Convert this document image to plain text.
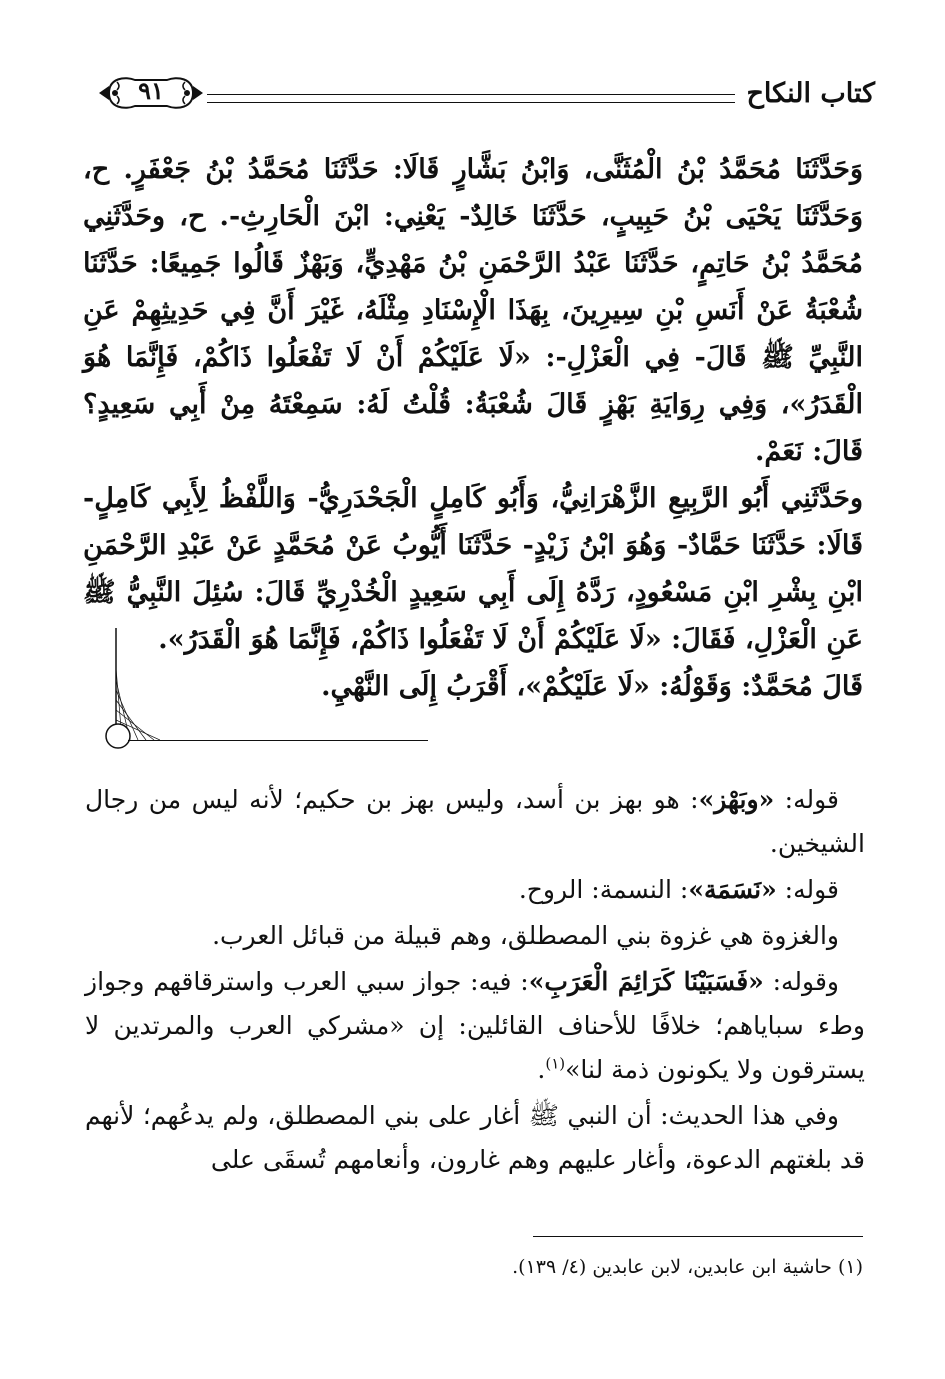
كتاب النكاح
٩١

وَحَدَّثَنَا مُحَمَّدُ بْنُ الْمُثَنَّى، وَابْنُ بَشَّارٍ قَالَا: حَدَّثَنَا مُحَمَّدُ بْنُ جَعْفَرٍ. ح، وَحَدَّثَنَا يَحْيَى بْنُ حَبِيبٍ، حَدَّثَنَا خَالِدٌ- يَعْنِي: ابْنَ الْحَارِثِ-. ح، وحَدَّثَنِي مُحَمَّدُ بْنُ حَاتِمٍ، حَدَّثَنَا عَبْدُ الرَّحْمَنِ بْنُ مَهْدِيٍّ، وَبَهْزٌ قَالُوا جَمِيعًا: حَدَّثَنَا شُعْبَةُ عَنْ أَنَسِ بْنِ سِيرِينَ، بِهَذَا الْإِسْنَادِ مِثْلَهُ، غَيْرَ أَنَّ فِي حَدِيثِهِمْ عَنِ النَّبِيِّ ﷺ قَالَ- فِي الْعَزْلِ-: «لَا عَلَيْكُمْ أَنْ لَا تَفْعَلُوا ذَاكُمْ، فَإِنَّمَا هُوَ الْقَدَرُ»، وَفِي رِوَايَةِ بَهْزٍ قَالَ شُعْبَةُ: قُلْتُ لَهُ: سَمِعْتَهُ مِنْ أَبِي سَعِيدٍ؟ قَالَ: نَعَمْ.

وحَدَّثَنِي أَبُو الرَّبِيعِ الزَّهْرَانِيُّ، وَأَبُو كَامِلٍ الْجَحْدَرِيُّ- وَاللَّفْظُ لِأَبِي كَامِلٍ- قَالَا: حَدَّثَنَا حَمَّادٌ- وَهُوَ ابْنُ زَيْدٍ- حَدَّثَنَا أَيُّوبُ عَنْ مُحَمَّدٍ عَنْ عَبْدِ الرَّحْمَنِ ابْنِ بِشْرِ ابْنِ مَسْعُودٍ، رَدَّهُ إِلَى أَبِي سَعِيدٍ الْخُدْرِيِّ قَالَ: سُئِلَ النَّبِيُّ ﷺ عَنِ الْعَزْلِ، فَقَالَ: «لَا عَلَيْكُمْ أَنْ لَا تَفْعَلُوا ذَاكُمْ، فَإِنَّمَا هُوَ الْقَدَرُ».

قَالَ مُحَمَّدٌ: وَقَوْلُهُ: «لَا عَلَيْكُمْ»، أَقْرَبُ إِلَى النَّهْيِ.

قوله: «وبَهْز»: هو بهز بن أسد، وليس بهز بن حكيم؛ لأنه ليس من رجال الشيخين.

قوله: «نَسَمَة»: النسمة: الروح.

والغزوة هي غزوة بني المصطلق، وهم قبيلة من قبائل العرب.

وقوله: «فَسَبَيْنَا كَرَائِمَ الْعَرَبِ»: فيه: جواز سبي العرب واسترقاقهم وجواز وطء سباياهم؛ خلافًا للأحناف القائلين: إن «مشركي العرب والمرتدين لا يسترقون ولا يكونون ذمة لنا»$^{(١)}$.

وفي هذا الحديث: أن النبي ﷺ أغار على بني المصطلق، ولم يدعُهم؛ لأنهم قد بلغتهم الدعوة، وأغار عليهم وهم غارون، وأنعامهم تُسقَى على

(١) حاشية ابن عابدين، لابن عابدين (٤/ ١٣٩).
